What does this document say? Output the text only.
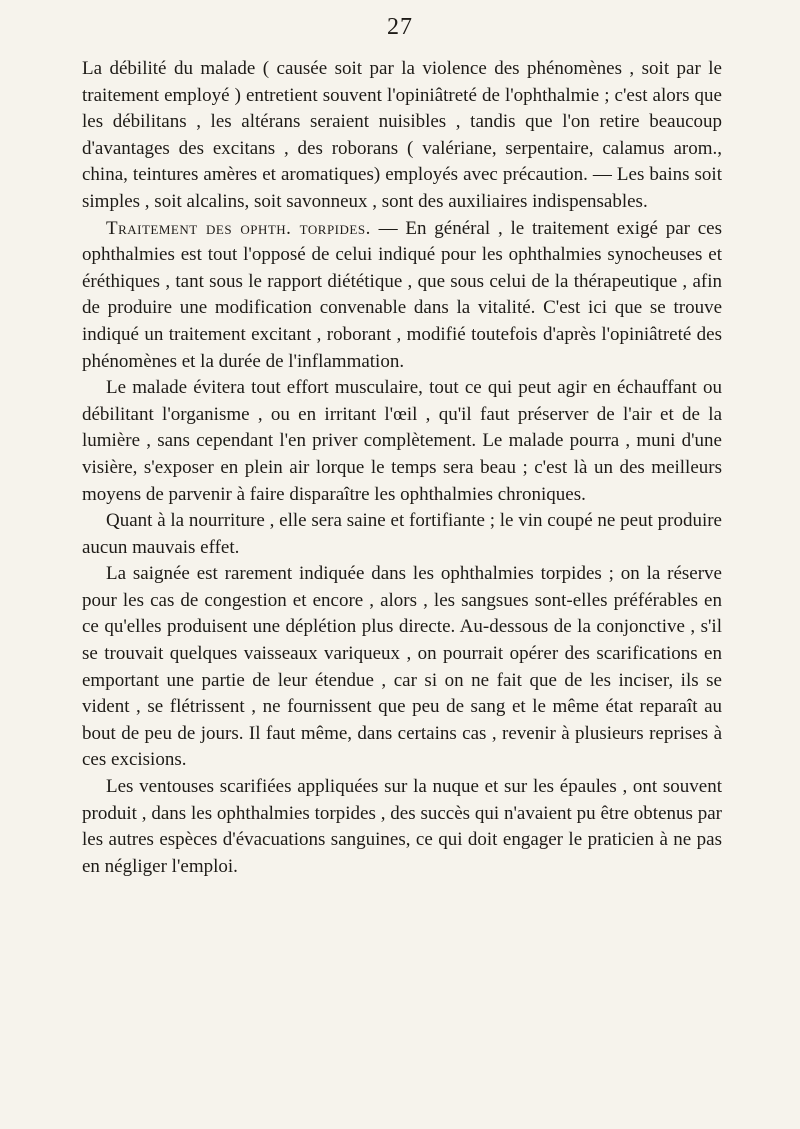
27

La débilité du malade ( causée soit par la violence des phénomènes , soit par le traitement employé ) entretient souvent l'opiniâtreté de l'ophthalmie ; c'est alors que les débilitans , les altérans seraient nuisibles , tandis que l'on retire beaucoup d'avantages des excitans , des roborans ( valériane, serpentaire, calamus arom., china, teintures amères et aromatiques) employés avec précaution. — Les bains soit simples , soit alcalins, soit savonneux , sont des auxiliaires indispensables.

Traitement des ophth. torpides. — En général , le traitement exigé par ces ophthalmies est tout l'opposé de celui indiqué pour les ophthalmies synocheuses et éréthiques , tant sous le rapport diététique , que sous celui de la thérapeutique , afin de produire une modification convenable dans la vitalité. C'est ici que se trouve indiqué un traitement excitant , roborant , modifié toutefois d'après l'opiniâtreté des phénomènes et la durée de l'inflammation.

Le malade évitera tout effort musculaire, tout ce qui peut agir en échauffant ou débilitant l'organisme , ou en irritant l'œil , qu'il faut préserver de l'air et de la lumière , sans cependant l'en priver complètement. Le malade pourra , muni d'une visière, s'exposer en plein air lorque le temps sera beau ; c'est là un des meilleurs moyens de parvenir à faire disparaître les ophthalmies chroniques.

Quant à la nourriture , elle sera saine et fortifiante ; le vin coupé ne peut produire aucun mauvais effet.

La saignée est rarement indiquée dans les ophthalmies torpides ; on la réserve pour les cas de congestion et encore , alors , les sangsues sont-elles préférables en ce qu'elles produisent une déplétion plus directe. Au-dessous de la conjonctive , s'il se trouvait quelques vaisseaux variqueux , on pourrait opérer des scarifications en emportant une partie de leur étendue , car si on ne fait que de les inciser, ils se vident , se flétrissent , ne fournissent que peu de sang et le même état reparaît au bout de peu de jours. Il faut même, dans certains cas , revenir à plusieurs reprises à ces excisions.

Les ventouses scarifiées appliquées sur la nuque et sur les épaules , ont souvent produit , dans les ophthalmies torpides , des succès qui n'avaient pu être obtenus par les autres espèces d'évacuations sanguines, ce qui doit engager le praticien à ne pas en négliger l'emploi.
